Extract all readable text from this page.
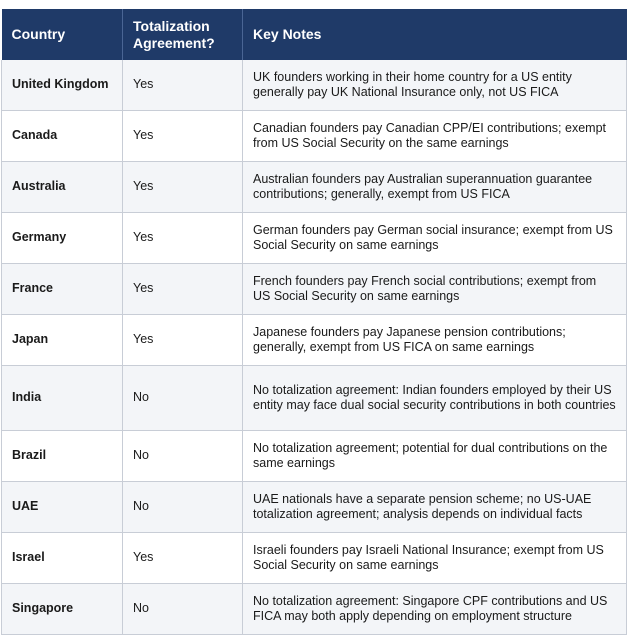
Country	Totalization Agreement?	Key Notes
United Kingdom	Yes	UK founders working in their home country for a US entity generally pay UK National Insurance only, not US FICA
Canada	Yes	Canadian founders pay Canadian CPP/EI contributions; exempt from US Social Security on the same earnings
Australia	Yes	Australian founders pay Australian superannuation guarantee contributions; generally, exempt from US FICA
Germany	Yes	German founders pay German social insurance; exempt from US Social Security on same earnings
France	Yes	French founders pay French social contributions; exempt from US Social Security on same earnings
Japan	Yes	Japanese founders pay Japanese pension contributions; generally, exempt from US FICA on same earnings
India	No	No totalization agreement: Indian founders employed by their US entity may face dual social security contributions in both countries
Brazil	No	No totalization agreement; potential for dual contributions on the same earnings
UAE	No	UAE nationals have a separate pension scheme; no US-UAE totalization agreement; analysis depends on individual facts
Israel	Yes	Israeli founders pay Israeli National Insurance; exempt from US Social Security on same earnings
Singapore	No	No totalization agreement: Singapore CPF contributions and US FICA may both apply depending on employment structure
